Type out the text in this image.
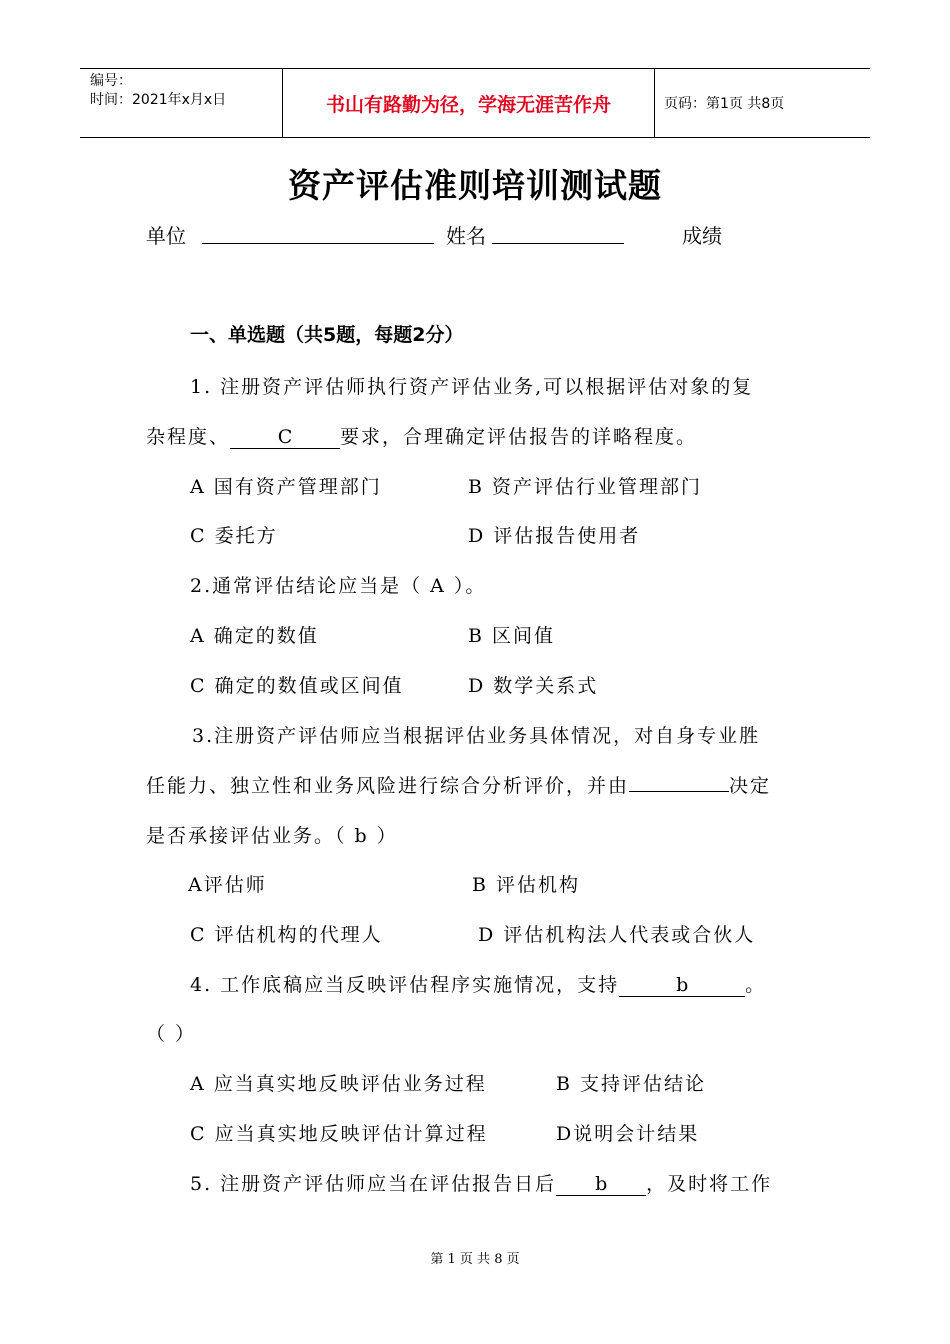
编号：
时间：2021年x月x日	书山有路勤为径，学海无涯苦作舟	页码：第1页 共8页
资产评估准则培训测试题
单位	姓名	成绩
一、单选题（共5题，每题2分）
1. 注册资产评估师执行资产评估业务,可以根据评估对象的复
杂程度、	C	要求，合理确定评估报告的详略程度。
A 国有资产管理部门	B 资产评估行业管理部门
C 委托方	D 评估报告使用者
2.通常评估结论应当是（ A ）。
A 确定的数值	B 区间值
C 确定的数值或区间值	D 数学关系式
3.注册资产评估师应当根据评估业务具体情况，对自身专业胜
任能力、独立性和业务风险进行综合分析评价，并由	决定
是否承接评估业务。（ b ）
A评估师	B 评估机构
C 评估机构的代理人	D 评估机构法人代表或合伙人
4. 工作底稿应当反映评估程序实施情况，支持	b	。
（ ）
A 应当真实地反映评估业务过程	B 支持评估结论
C 应当真实地反映评估计算过程	D说明会计结果
5. 注册资产评估师应当在评估报告日后 b ，及时将工作
第 1 页 共 8 页
